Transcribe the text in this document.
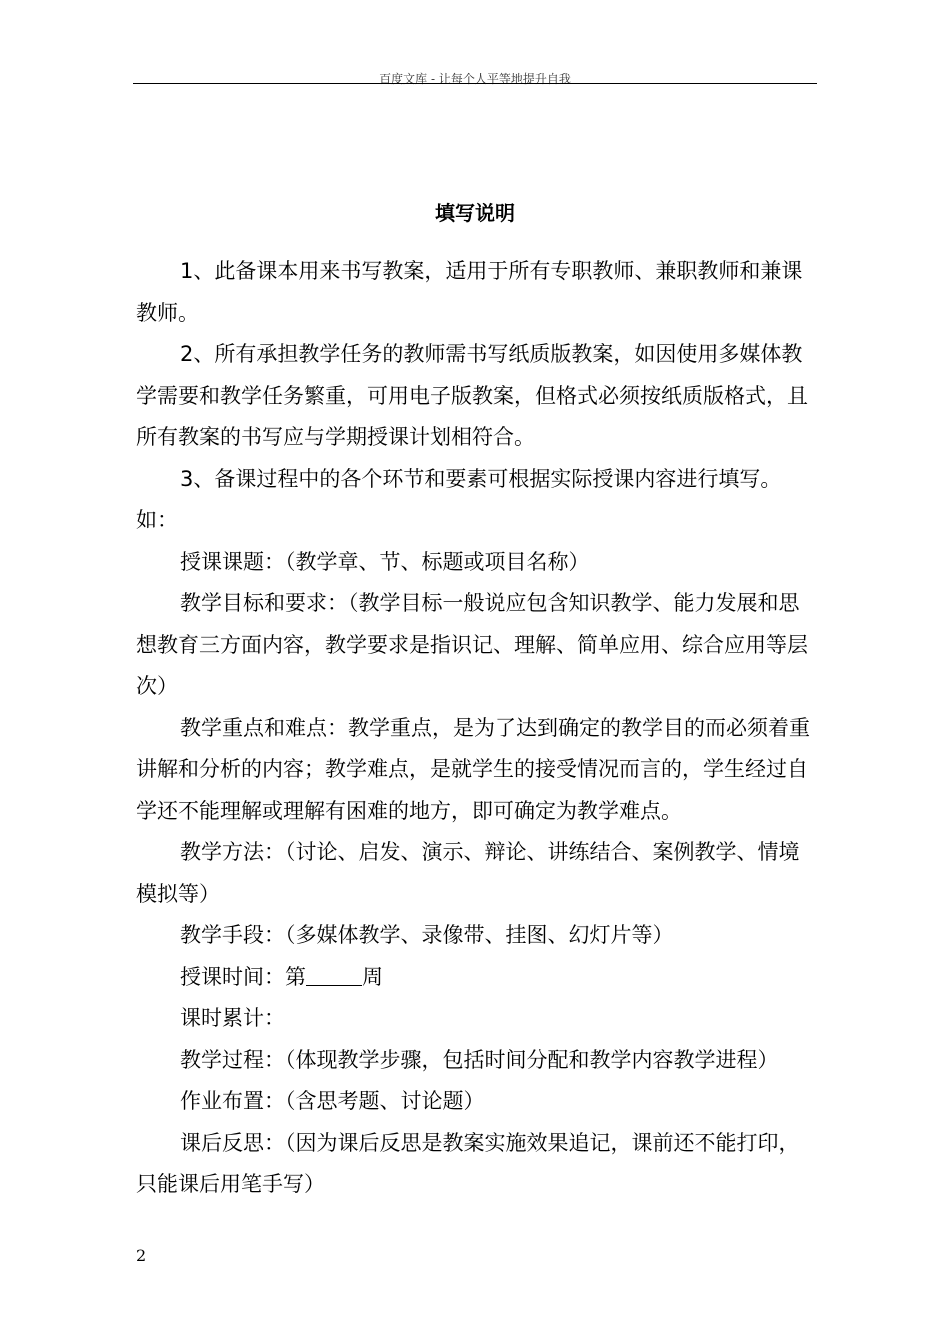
百度文库 - 让每个人平等地提升自我
填写说明

1、此备课本用来书写教案，适用于所有专职教师、兼职教师和兼课教师。

2、所有承担教学任务的教师需书写纸质版教案，如因使用多媒体教学需要和教学任务繁重，可用电子版教案，但格式必须按纸质版格式，且所有教案的书写应与学期授课计划相符合。

3、备课过程中的各个环节和要素可根据实际授课内容进行填写。如：

授课课题：（教学章、节、标题或项目名称）

教学目标和要求：（教学目标一般说应包含知识教学、能力发展和思想教育三方面内容，教学要求是指识记、理解、简单应用、综合应用等层次）

教学重点和难点：教学重点，是为了达到确定的教学目的而必须着重讲解和分析的内容；教学难点，是就学生的接受情况而言的，学生经过自学还不能理解或理解有困难的地方，即可确定为教学难点。

教学方法：（讨论、启发、演示、辩论、讲练结合、案例教学、情境模拟等）

教学手段：（多媒体教学、录像带、挂图、幻灯片等）

授课时间：第	周

课时累计：

教学过程：（体现教学步骤，包括时间分配和教学内容教学进程）

作业布置：（含思考题、讨论题）

课后反思：（因为课后反思是教案实施效果追记，课前还不能打印，只能课后用笔手写）

2
